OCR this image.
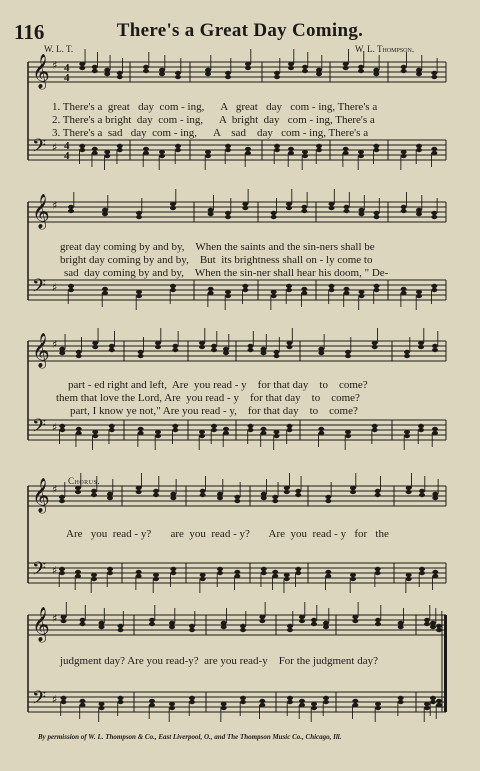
116	There's a Great Day Coming.
W. L. T.	W. L. Thompson.
𝄞
𝄢
♯
♯
4
4
4
4
𝄞
𝄢
♯
♯
𝄞
𝄢
♯
♯
𝄞
𝄢
♯
♯
𝄞
𝄢
♯
♯
1. There's a  great   day  com - ing,      A   great   day   com - ing, There's a
2. There's a bright  day  com - ing,      A  bright  day   com - ing, There's a
3. There's a  sad   day  com - ing,      A    sad    day   com - ing, There's a
great day coming by and by,    When the saints and the sin-ners shall be
bright day coming by and by,    But  its brightness shall on - ly come to
sad  day coming by and by,    When the sin-ner shall hear his doom, " De-
part - ed right and left,  Are  you read - y    for that day    to    come?
them that love the Lord, Are  you read - y    for that day    to    come?
part, I know ye not," Are you read - y,    for that day    to    come?
Chorus.
Are   you  read - y?       are  you  read - y?       Are  you  read - y   for   the
judgment day? Are you read-y?  are you read-y    For the judgment day?
By permission of W. L. Thompson & Co., East Liverpool, O., and The Thompson Music Co., Chicago, Ill.
